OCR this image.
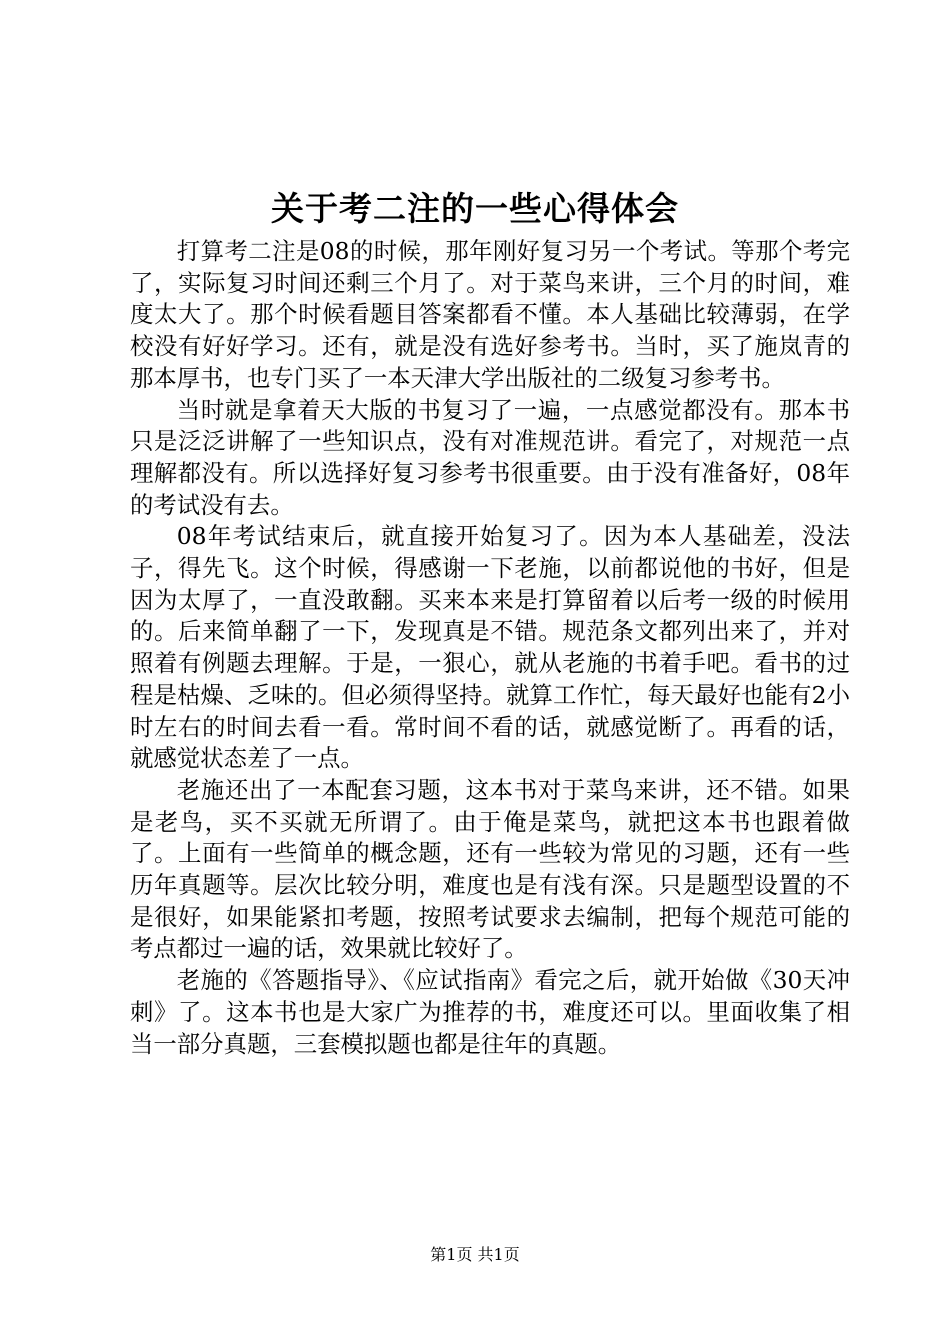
关于考二注的一些心得体会

打算考二注是08的时候，那年刚好复习另一个考试。等那个考完了，实际复习时间还剩三个月了。对于菜鸟来讲，三个月的时间，难度太大了。那个时候看题目答案都看不懂。本人基础比较薄弱，在学校没有好好学习。还有，就是没有选好参考书。当时，买了施岚青的那本厚书，也专门买了一本天津大学出版社的二级复习参考书。

当时就是拿着天大版的书复习了一遍，一点感觉都没有。那本书只是泛泛讲解了一些知识点，没有对准规范讲。看完了，对规范一点理解都没有。所以选择好复习参考书很重要。由于没有准备好，08年的考试没有去。

08年考试结束后，就直接开始复习了。因为本人基础差，没法子，得先飞。这个时候，得感谢一下老施，以前都说他的书好，但是因为太厚了，一直没敢翻。买来本来是打算留着以后考一级的时候用的。后来简单翻了一下，发现真是不错。规范条文都列出来了，并对照着有例题去理解。于是，一狠心，就从老施的书着手吧。看书的过程是枯燥、乏味的。但必须得坚持。就算工作忙，每天最好也能有2小时左右的时间去看一看。常时间不看的话，就感觉断了。再看的话，就感觉状态差了一点。

老施还出了一本配套习题，这本书对于菜鸟来讲，还不错。如果是老鸟，买不买就无所谓了。由于俺是菜鸟，就把这本书也跟着做了。上面有一些简单的概念题，还有一些较为常见的习题，还有一些历年真题等。层次比较分明，难度也是有浅有深。只是题型设置的不是很好，如果能紧扣考题，按照考试要求去编制，把每个规范可能的考点都过一遍的话，效果就比较好了。

老施的《答题指导》、《应试指南》看完之后，就开始做《30天冲刺》了。这本书也是大家广为推荐的书，难度还可以。里面收集了相当一部分真题，三套模拟题也都是往年的真题。

第1页 共1页
